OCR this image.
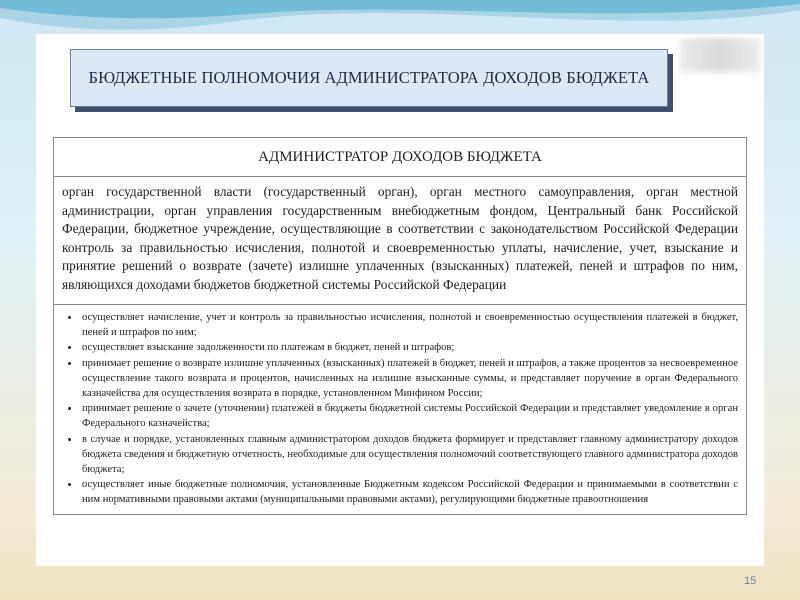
БЮДЖЕТНЫЕ ПОЛНОМОЧИЯ АДМИНИСТРАТОРА ДОХОДОВ БЮДЖЕТА
АДМИНИСТРАТОР ДОХОДОВ БЮДЖЕТА
орган государственной власти (государственный орган), орган местного самоуправления, орган местной администрации, орган управления государственным внебюджетным фондом, Центральный банк Российской Федерации, бюджетное учреждение, осуществляющие в соответствии с законодательством Российской Федерации контроль за правильностью исчисления, полнотой и своевременностью уплаты, начисление, учет, взыскание и принятие решений о возврате (зачете) излишне уплаченных (взысканных) платежей, пеней и штрафов по ним, являющихся доходами бюджетов бюджетной системы Российской Федерации
• осуществляет начисление, учет и контроль за правильностью исчисления, полнотой и своевременностью осуществления платежей в бюджет, пеней и штрафов по ним;
• осуществляет взыскание задолженности по платежам в бюджет, пеней и штрафов;
• принимает решение о возврате излишне уплаченных (взысканных) платежей в бюджет, пеней и штрафов, а также процентов за несвоевременное осуществление такого возврата и процентов, начисленных на излишне взысканные суммы, и представляет поручение в орган Федерального казначейства для осуществления возврата в порядке, установленном Минфином России;
• принимает решение о зачете (уточнении) платежей в бюджеты бюджетной системы Российской Федерации и представляет уведомление в орган Федерального казначейства;
• в случае и порядке, установленных главным администратором доходов бюджета формирует и представляет главному администратору доходов бюджета сведения и бюджетную отчетность, необходимые для осуществления полномочий соответствующего главного администратора доходов бюджета;
• осуществляет иные бюджетные полномочия, установленные Бюджетным кодексом Российской Федерации и принимаемыми в соответствии с ним нормативными правовыми актами (муниципальными правовыми актами), регулирующими бюджетные правоотношения
15
